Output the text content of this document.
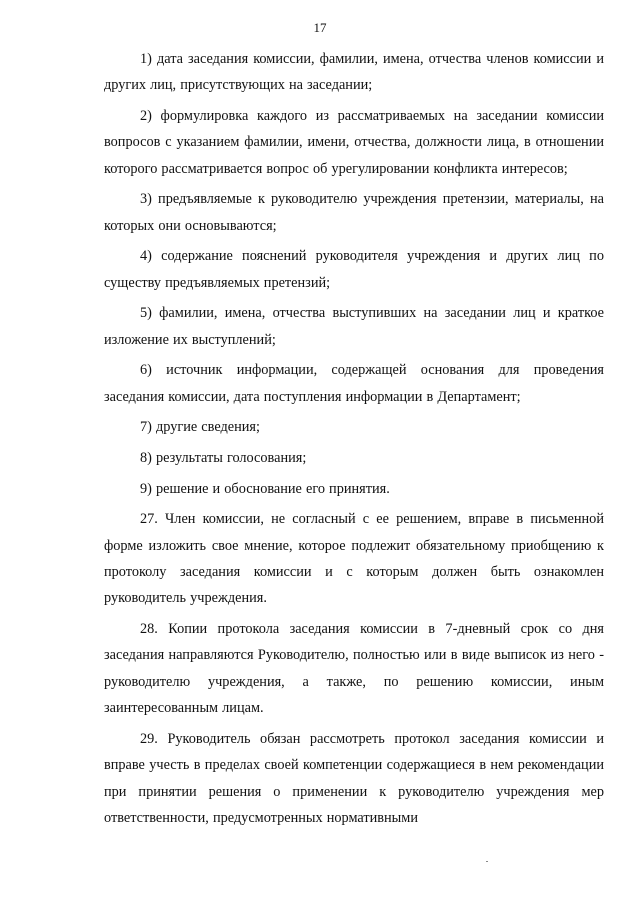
17

1) дата заседания комиссии, фамилии, имена, отчества членов комиссии и других лиц, присутствующих на заседании;

2) формулировка каждого из рассматриваемых на заседании комиссии вопросов с указанием фамилии, имени, отчества, должности лица, в отношении которого рассматривается вопрос об урегулировании конфликта интересов;

3) предъявляемые к руководителю учреждения претензии, материалы, на которых они основываются;

4) содержание пояснений руководителя учреждения и других лиц по существу предъявляемых претензий;

5) фамилии, имена, отчества выступивших на заседании лиц и краткое изложение их выступлений;

6) источник информации, содержащей основания для проведения заседания комиссии, дата поступления информации в Департамент;

7) другие сведения;

8) результаты голосования;

9) решение и обоснование его принятия.

27. Член комиссии, не согласный с ее решением, вправе в письменной форме изложить свое мнение, которое подлежит обязательному приобщению к протоколу заседания комиссии и с которым должен быть ознакомлен руководитель учреждения.

28. Копии протокола заседания комиссии в 7-дневный срок со дня заседания направляются Руководителю, полностью или в виде выписок из него - руководителю учреждения, а также, по решению комиссии, иным заинтересованным лицам.

29. Руководитель обязан рассмотреть протокол заседания комиссии и вправе учесть в пределах своей компетенции содержащиеся в нем рекомендации при принятии решения о применении к руководителю учреждения мер ответственности, предусмотренных нормативными
